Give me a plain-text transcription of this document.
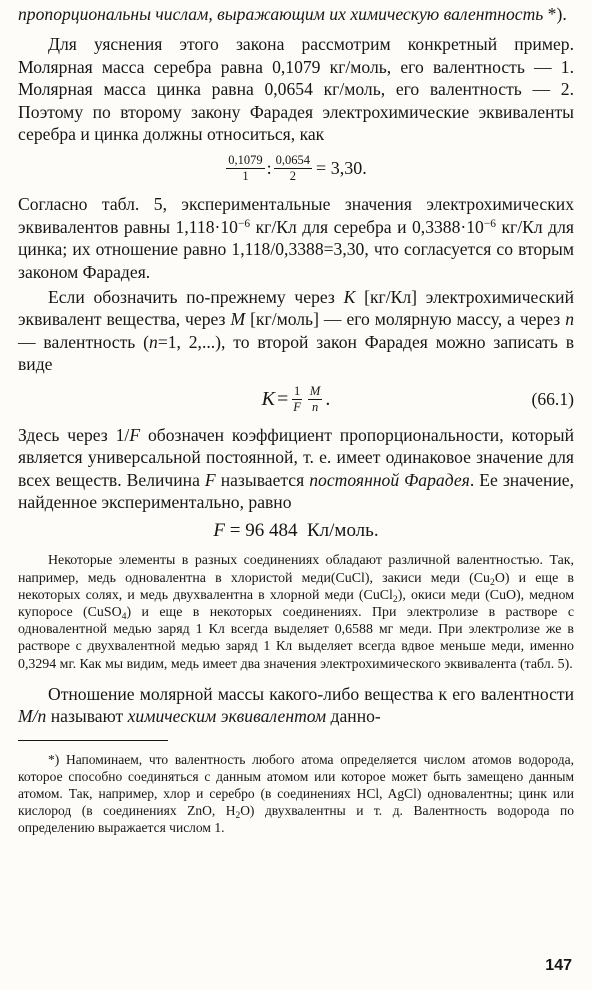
пропорциональны числам, выражающим их химическую валентность *).

Для уяснения этого закона рассмотрим конкретный пример. Молярная масса серебра равна 0,1079 кг/моль, его валентность — 1. Молярная масса цинка равна 0,0654 кг/моль, его валентность — 2. Поэтому по второму закону Фарадея электрохимические эквиваленты серебра и цинка должны относиться, как

$\frac{0,1079}{1}$ : $\frac{0,0654}{2} = 3,30$.

Согласно табл. 5, экспериментальные значения электрохимических эквивалентов равны $1,118\cdot 10^{-6}$ кг/Кл для серебра и $0,3388\cdot 10^{-6}$ кг/Кл для цинка; их отношение равно 1,118/0,3388=3,30, что согласуется со вторым законом Фарадея.

Если обозначить по-прежнему через K [кг/Кл] электрохимический эквивалент вещества, через M [кг/моль] — его молярную массу, а через n — валентность (n=1, 2,...), то второй закон Фарадея можно записать в виде

$K = \frac{1}{F} \frac{M}{n}$ .	(66.1)

Здесь через 1/F обозначен коэффициент пропорциональности, который является универсальной постоянной, т. е. имеет одинаковое значение для всех веществ. Величина F называется постоянной Фарадея. Ее значение, найденное экспериментально, равно

F = 96 484  Кл/моль.

Некоторые элементы в разных соединениях обладают различной валентностью. Так, например, медь одновалентна в хлористой меди(CuCl), закиси меди $(Cu_2O)$ и еще в некоторых солях, и медь двухвалентна в хлорной меди (CuCl$_2$), окиси меди (CuO), медном купоросе (CuSO$_4$) и еще в некоторых соединениях. При электролизе в растворе с одновалентной медью заряд 1 Кл всегда выделяет 0,6588 мг меди. При электролизе же в растворе с двухвалентной медью заряд 1 Кл выделяет всегда вдвое меньше меди, именно 0,3294 мг. Как мы видим, медь имеет два значения электрохимического эквивалента (табл. 5).

Отношение молярной массы какого-либо вещества к его валентности M/n называют химическим эквивалентом данно-

*) Напоминаем, что валентность любого атома определяется числом атомов водорода, которое способно соединяться с данным атомом или которое может быть замещено данным атомом. Так, например, хлор и серебро (в соединениях HCl, AgCl) одновалентны; цинк или кислород (в соединениях ZnO, $H_2O$) двухвалентны и т. д. Валентность водорода по определению выражается числом 1.

147
